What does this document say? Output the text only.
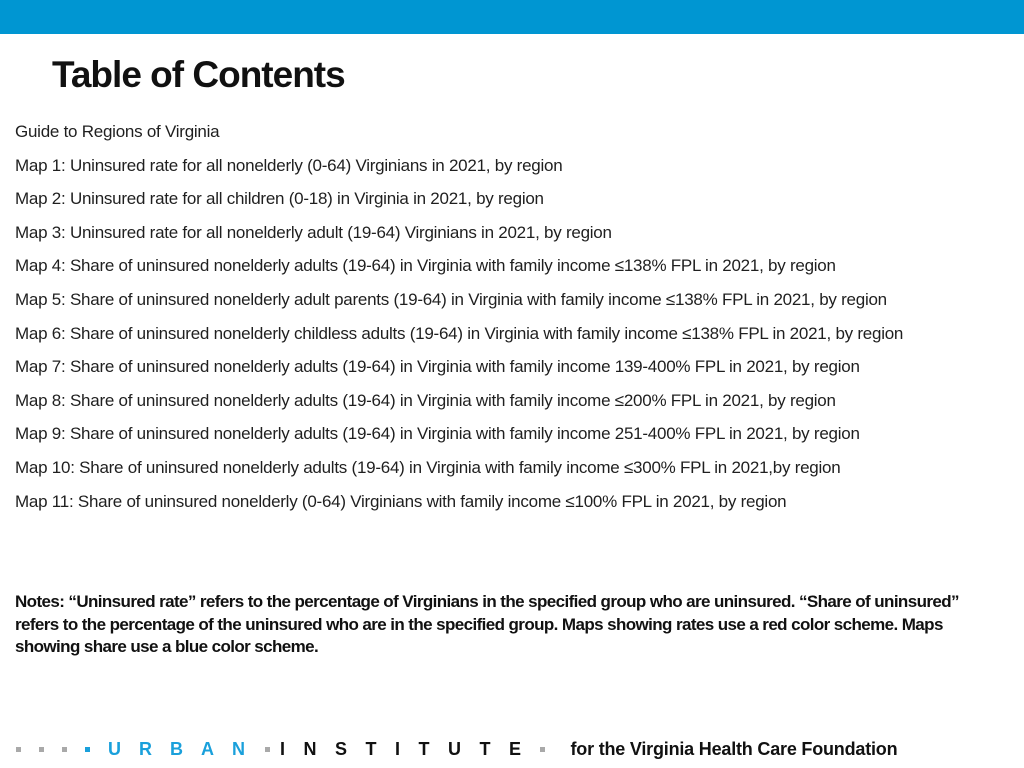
Table of Contents
Guide to Regions of Virginia
Map 1: Uninsured rate for all nonelderly (0-64) Virginians in 2021, by region
Map 2: Uninsured rate for all children (0-18) in Virginia in 2021, by region
Map 3: Uninsured rate for all nonelderly adult (19-64) Virginians in 2021, by region
Map 4: Share of uninsured nonelderly adults (19-64) in Virginia with family income ≤138% FPL in 2021, by region
Map 5: Share of uninsured nonelderly adult parents (19-64) in Virginia with family income ≤138% FPL in 2021, by region
Map 6: Share of uninsured nonelderly childless adults (19-64) in Virginia with family income ≤138% FPL in 2021, by region
Map 7: Share of uninsured nonelderly adults (19-64) in Virginia with family income 139-400% FPL in 2021, by region
Map 8: Share of uninsured nonelderly adults (19-64) in Virginia with family income ≤200% FPL in 2021, by region
Map 9: Share of uninsured nonelderly adults (19-64) in Virginia with family income 251-400% FPL in 2021, by region
Map 10: Share of uninsured nonelderly adults (19-64) in Virginia with family income ≤300% FPL in 2021,by region
Map 11: Share of uninsured nonelderly (0-64) Virginians with family income ≤100% FPL in 2021, by region

Notes: “Uninsured rate” refers to the percentage of Virginians in the specified group who are uninsured. “Share of uninsured” refers to the percentage of the uninsured who are in the specified group. Maps showing rates use a red color scheme. Maps showing share use a blue color scheme.

URBAN INSTITUTE for the Virginia Health Care Foundation
